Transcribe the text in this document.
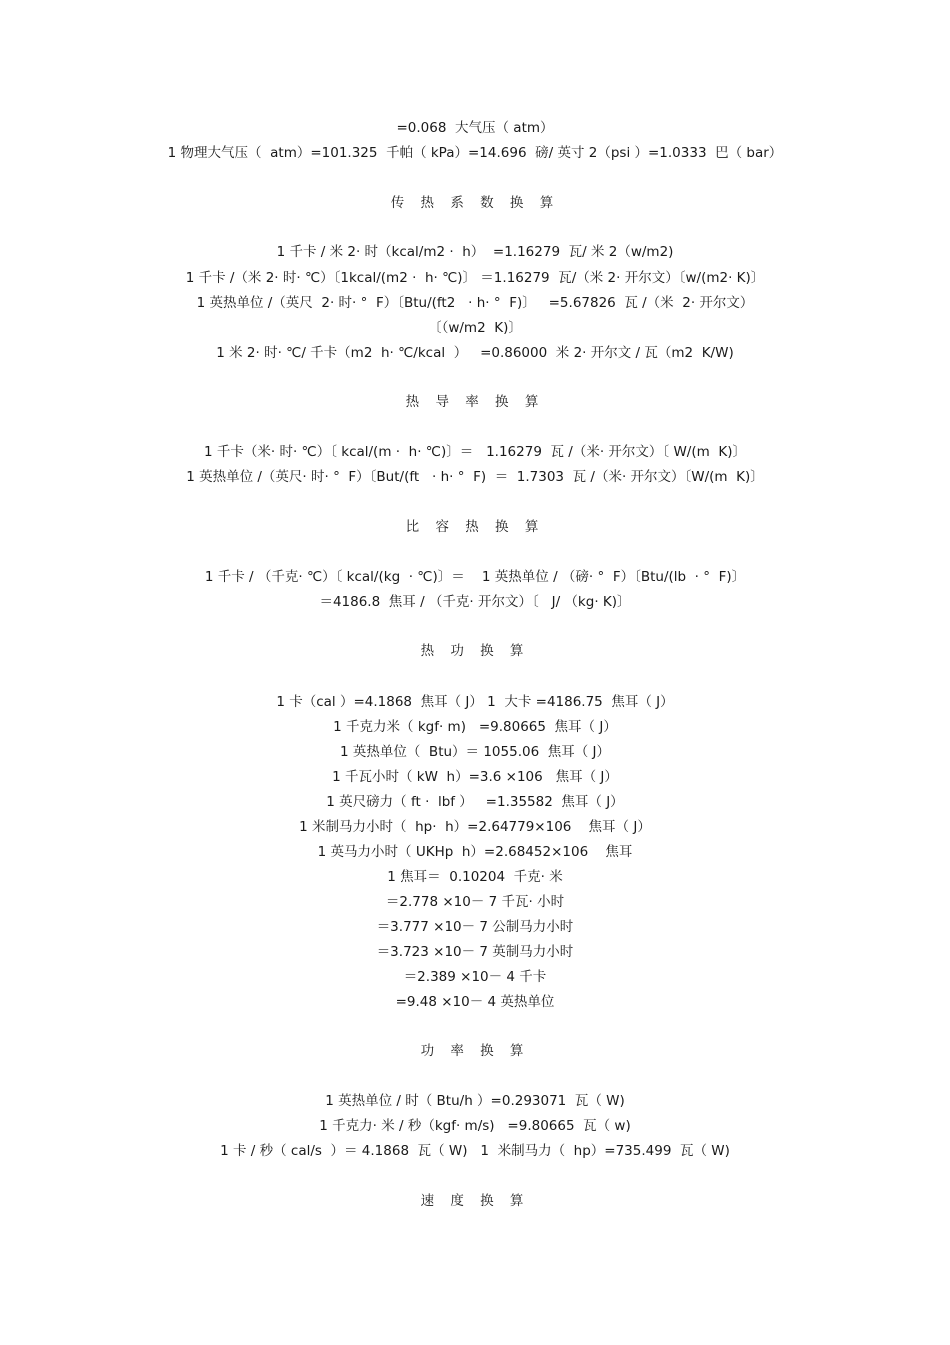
=0.068  大气压（ atm）
1 物理大气压（  atm）=101.325  千帕（ kPa）=14.696  磅/ 英寸 2（psi ）=1.0333  巴（ bar）
传 热 系 数 换 算
1 千卡 / 米 2· 时（kcal/m2 ·  h）  =1.16279  瓦/ 米 2（w/m2)
1 千卡 /（米 2· 时· ℃）〔1kcal/(m2 ·  h· ℃)〕 ＝1.16279  瓦/（米 2· 开尔文）〔w/(m2· K)〕
1 英热单位 /（英尺  2· 时· °  F）〔Btu/(ft2   · h· °  F)〕   =5.67826  瓦 /（米  2· 开尔文）
〔（w/m2  K)〕
1 米 2· 时· ℃/ 千卡（m2  h· ℃/kcal  ）   =0.86000  米 2· 开尔文 / 瓦（m2  K/W)
热 导 率 换 算
1 千卡（米· 时· ℃）〔 kcal/(m ·  h· ℃)〕＝   1.16279  瓦 /（米· 开尔文）〔 W/(m  K)〕
1 英热单位 /（英尺· 时· °  F）〔But/(ft   · h· °  F)  ＝  1.7303  瓦 /（米· 开尔文）〔W/(m  K)〕
比 容 热 换 算
1 千卡 / （千克· ℃）〔 kcal/(kg  · ℃)〕＝    1 英热单位 / （磅· °  F）〔Btu/(lb  · °  F)〕
＝4186.8  焦耳 / （千克· 开尔文）〔   J/ （kg· K)〕
热 功 换 算
1 卡（cal ）=4.1868  焦耳（ J） 1  大卡 =4186.75  焦耳（ J）
1 千克力米（ kgf· m)   =9.80665  焦耳（ J）
1 英热单位（  Btu）＝ 1055.06  焦耳（ J）
1 千瓦小时（ kW  h）=3.6 ×106   焦耳（ J）
1 英尺磅力（ ft ·  lbf ）   =1.35582  焦耳（ J）
1 米制马力小时（  hp·  h）=2.64779×106    焦耳（ J）
1 英马力小时（ UKHp  h）=2.68452×106    焦耳
1 焦耳＝  0.10204  千克· 米
＝2.778 ×10－ 7 千瓦· 小时
＝3.777 ×10－ 7 公制马力小时
＝3.723 ×10－ 7 英制马力小时
＝2.389 ×10－ 4 千卡
=9.48 ×10－ 4 英热单位
功 率 换 算
1 英热单位 / 时（ Btu/h ）=0.293071  瓦（ W)
1 千克力· 米 / 秒（kgf· m/s)   =9.80665  瓦（ w)
1 卡 / 秒（ cal/s  ）＝ 4.1868  瓦（ W)   1  米制马力（  hp）=735.499  瓦（ W)
速 度 换 算
